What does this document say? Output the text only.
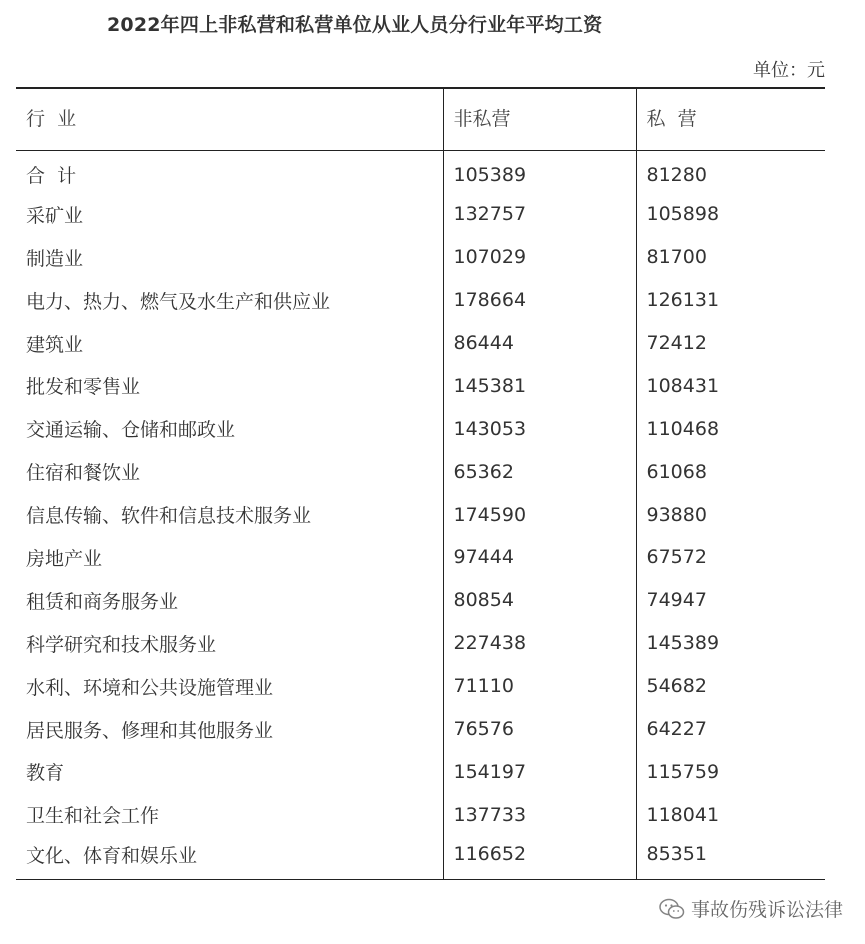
2022年四上非私营和私营单位从业人员分行业年平均工资
单位：元
行  业	非私营	私  营
合  计	105389	81280
采矿业	132757	105898
制造业	107029	81700
电力、热力、燃气及水生产和供应业	178664	126131
建筑业	86444	72412
批发和零售业	145381	108431
交通运输、仓储和邮政业	143053	110468
住宿和餐饮业	65362	61068
信息传输、软件和信息技术服务业	174590	93880
房地产业	97444	67572
租赁和商务服务业	80854	74947
科学研究和技术服务业	227438	145389
水利、环境和公共设施管理业	71110	54682
居民服务、修理和其他服务业	76576	64227
教育	154197	115759
卫生和社会工作	137733	118041
文化、体育和娱乐业	116652	85351
事故伤残诉讼法律
